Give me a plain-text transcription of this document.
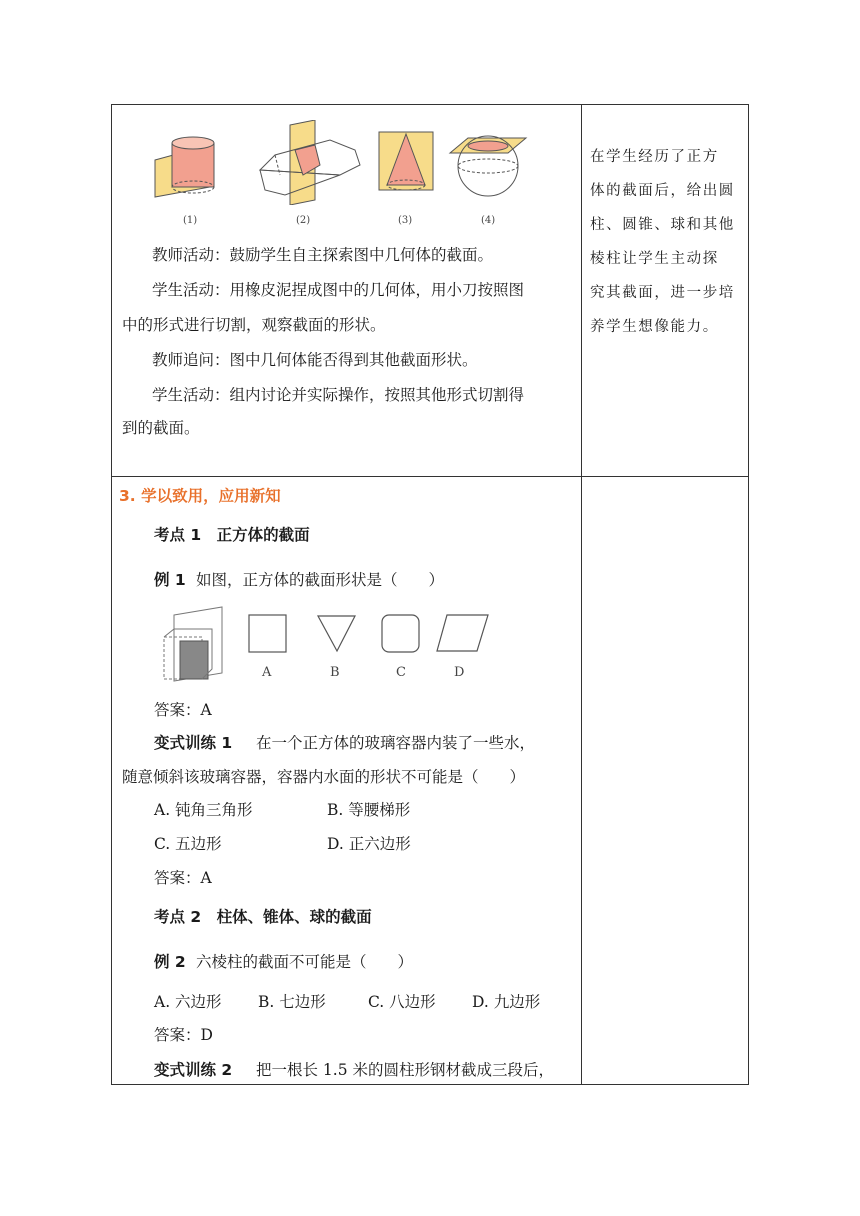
(1)	(2)	(3)	(4)
教师活动：鼓励学生自主探索图中几何体的截面。
学生活动：用橡皮泥捏成图中的几何体，用小刀按照图
中的形式进行切割，观察截面的形状。
教师追问：图中几何体能否得到其他截面形状。
学生活动：组内讨论并实际操作，按照其他形式切割得
到的截面。
在学生经历了正方
体的截面后，给出圆
柱、圆锥、球和其他
棱柱让学生主动探
究其截面，进一步培
养学生想像能力。
3. 学以致用，应用新知
考点 1　正方体的截面
例 1 如图，正方体的截面形状是（　　）
A	B	C	D
答案：A
变式训练 1 在一个正方体的玻璃容器内装了一些水，
随意倾斜该玻璃容器，容器内水面的形状不可能是（　　）
A. 钝角三角形	B. 等腰梯形
C. 五边形	D. 正六边形
答案：A
考点 2　柱体、锥体、球的截面
例 2 六棱柱的截面不可能是（　　）
A. 六边形 B. 七边形	C. 八边形 D. 九边形
答案：D
变式训练 2 把一根长 1.5 米的圆柱形钢材截成三段后，
